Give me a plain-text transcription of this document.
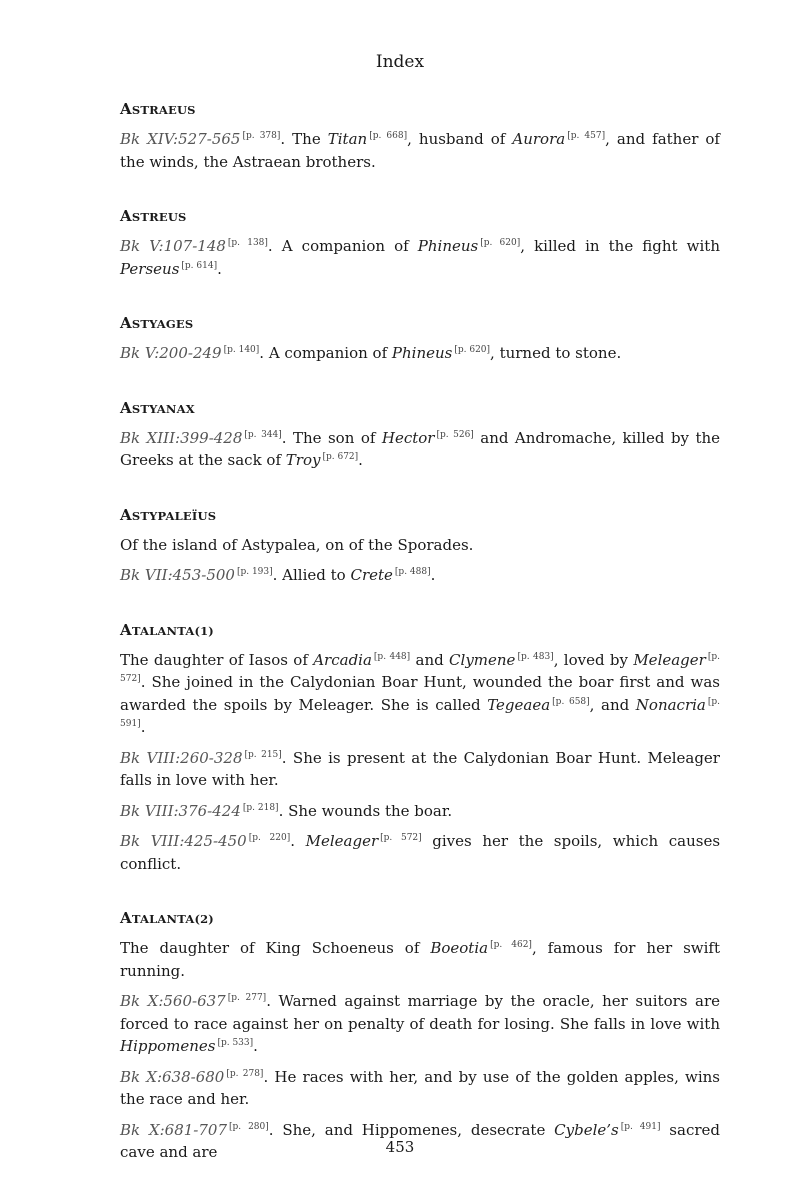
Index
ASTRAEUS

Bk XIV:527-565 [p. 378]. The Titan [p. 668], husband of Aurora [p. 457], and father of the winds, the Astraean brothers.

ASTREUS

Bk V:107-148 [p. 138]. A companion of Phineus [p. 620], killed in the fight with Perseus [p. 614].

ASTYAGES

Bk V:200-249 [p. 140]. A companion of Phineus [p. 620], turned to stone.

ASTYANAX

Bk XIII:399-428 [p. 344]. The son of Hector [p. 526] and Andromache, killed by the Greeks at the sack of Troy [p. 672].

ASTYPALEÏUS

Of the island of Astypalea, on of the Sporades.

Bk VII:453-500 [p. 193]. Allied to Crete [p. 488].

ATALANTA(1)

The daughter of Iasos of Arcadia [p. 448] and Clymene [p. 483], loved by Meleager [p. 572]. She joined in the Calydonian Boar Hunt, wounded the boar first and was awarded the spoils by Meleager. She is called Tegeaea [p. 658], and Nonacria [p. 591].

Bk VIII:260-328 [p. 215]. She is present at the Calydonian Boar Hunt. Meleager falls in love with her.

Bk VIII:376-424 [p. 218]. She wounds the boar.

Bk VIII:425-450 [p. 220]. Meleager [p. 572] gives her the spoils, which causes conflict.

ATALANTA(2)

The daughter of King Schoeneus of Boeotia [p. 462], famous for her swift running.

Bk X:560-637 [p. 277]. Warned against marriage by the oracle, her suitors are forced to race against her on penalty of death for losing. She falls in love with Hippomenes [p. 533].

Bk X:638-680 [p. 278]. He races with her, and by use of the golden apples, wins the race and her.

Bk X:681-707 [p. 280]. She, and Hippomenes, desecrate Cybele’s [p. 491] sacred cave and are	453
